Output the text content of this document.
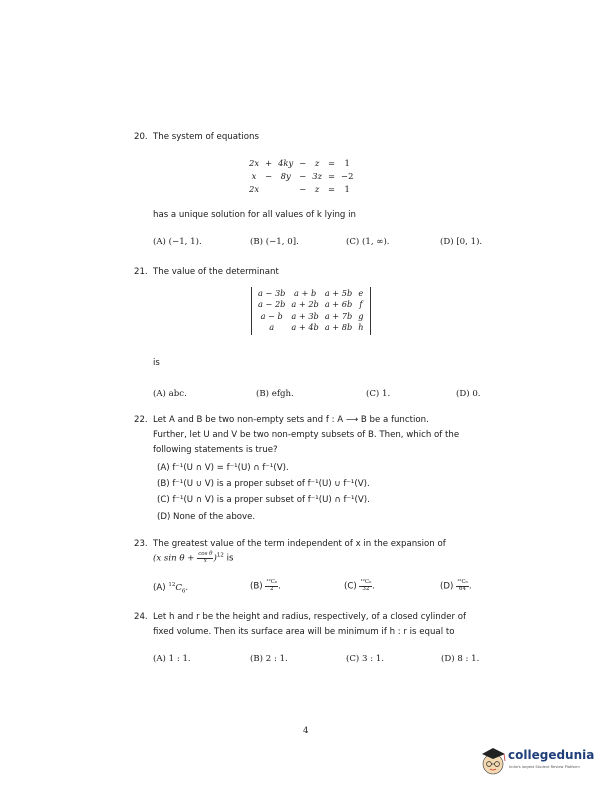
20. The system of equations
2x	+	4ky	−	z	=	1
x	−	8y	−	3z	=	−2
2x			−	z	=	1
has a unique solution for all values of k lying in
(A) (−1, 1).	(B) (−1, 0].	(C) (1, ∞).	(D) [0, 1).
21. The value of the determinant
a − 3b	a + b	a + 5b	e
a − 2b	a + 2b	a + 6b	f
a − b	a + 3b	a + 7b	g
a	a + 4b	a + 8b	h
is
(A) abc.	(B) efgh.	(C) 1.	(D) 0.
22. Let A and B be two non-empty sets and f : A ⟶ B be a function.
Further, let U and V be two non-empty subsets of B. Then, which of the
following statements is true?
(A) f⁻¹(U ∩ V) = f⁻¹(U) ∩ f⁻¹(V).
(B) f⁻¹(U ∪ V) is a proper subset of f⁻¹(U) ∪ f⁻¹(V).
(C) f⁻¹(U ∩ V) is a proper subset of f⁻¹(U) ∩ f⁻¹(V).
(D) None of the above.
23. The greatest value of the term independent of x in the expansion of
(x $\sin \theta + \frac{\text{cos θ}}{x} )^{12}$ is
(A) $^{12}C_6$.	$(B) \frac{\text{¹²C₆}}{2}$ .	$(C) \frac{\text{¹²C₆}}{32}$ .	$(D) \frac{\text{¹²C₆}}{64}$ .
24. Let h and r be the height and radius, respectively, of a closed cylinder of
fixed volume. Then its surface area will be minimum if h : r is equal to
(A) 1 : 1.	(B) 2 : 1.	(C) 3 : 1.	(D) 8 : 1.
4
collegedunia
India's largest Student Review Platform
